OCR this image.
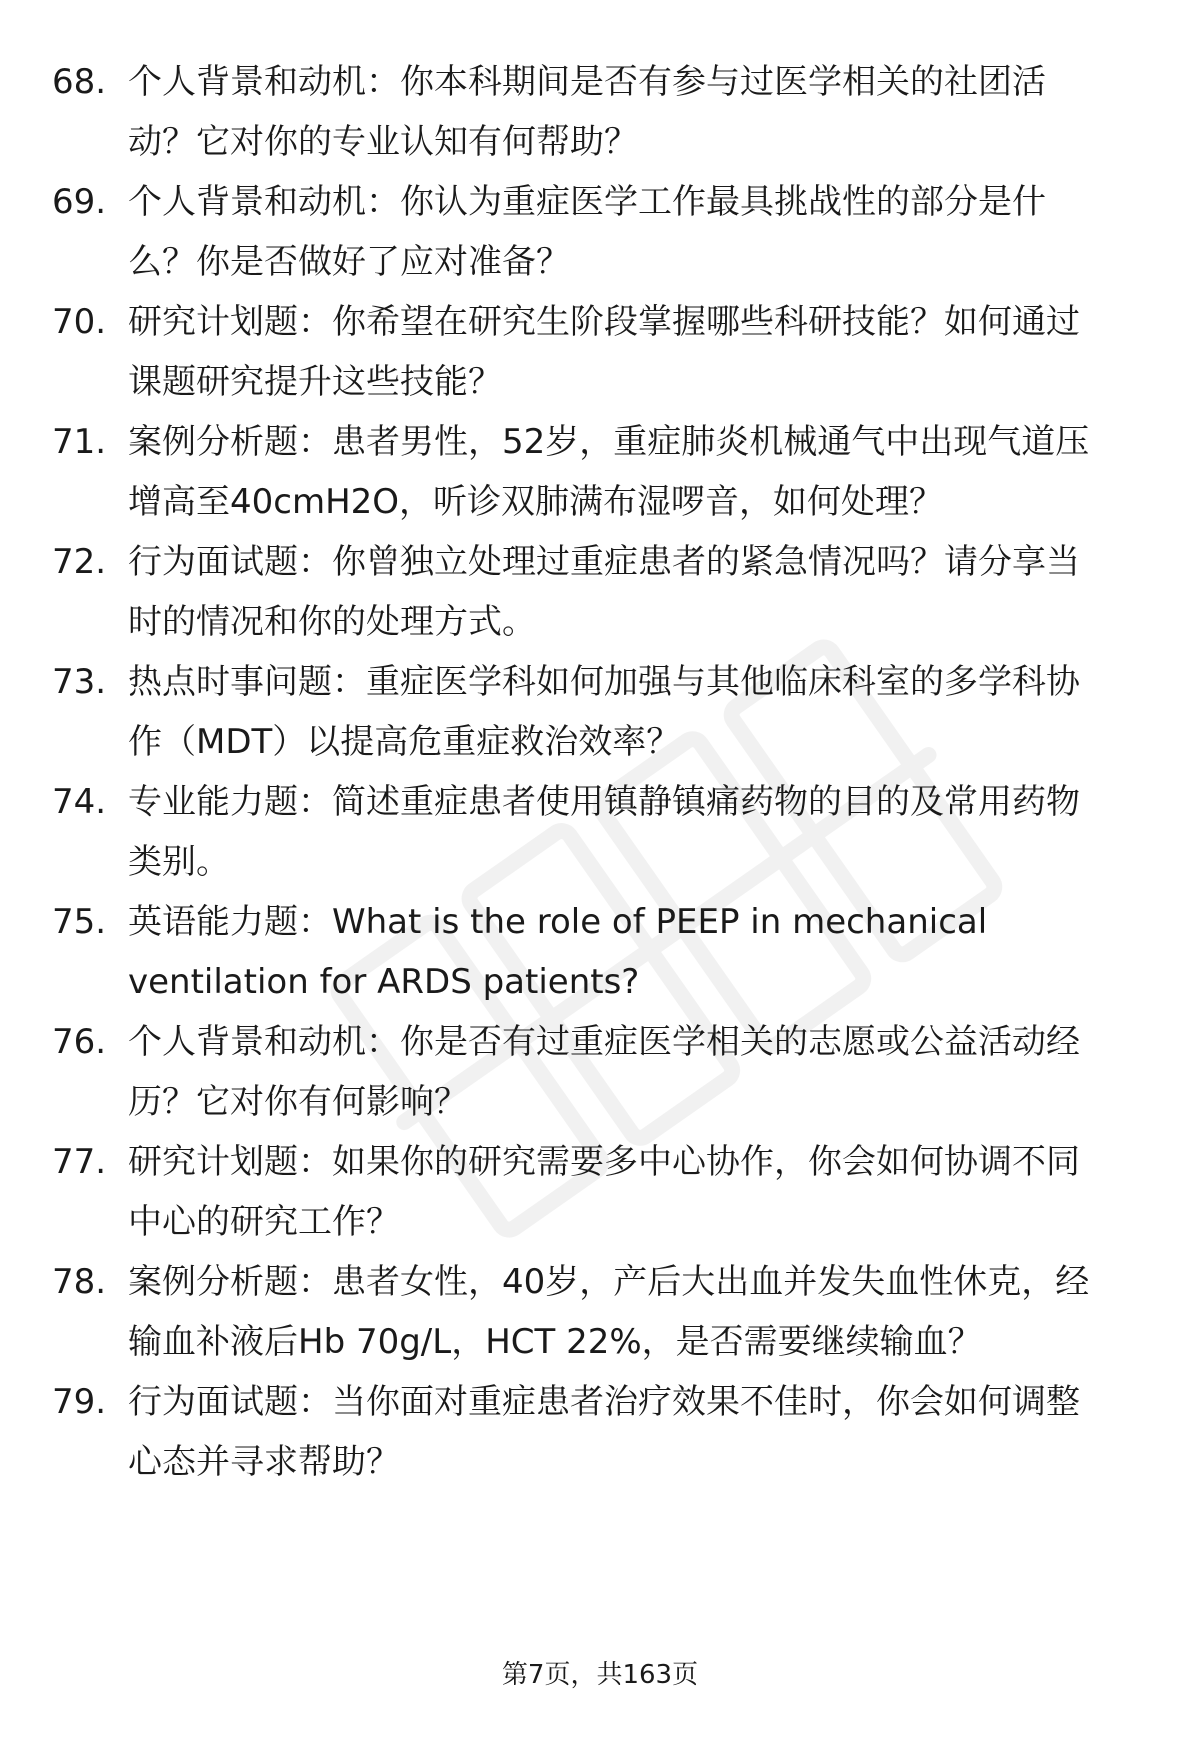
68. 个人背景和动机：你本科期间是否有参与过医学相关的社团活
动？它对你的专业认知有何帮助？
69. 个人背景和动机：你认为重症医学工作最具挑战性的部分是什
么？你是否做好了应对准备？
70. 研究计划题：你希望在研究生阶段掌握哪些科研技能？如何通过
课题研究提升这些技能？
71. 案例分析题：患者男性，52岁，重症肺炎机械通气中出现气道压
增高至40cmH2O，听诊双肺满布湿啰音，如何处理？
72. 行为面试题：你曾独立处理过重症患者的紧急情况吗？请分享当
时的情况和你的处理方式。
73. 热点时事问题：重症医学科如何加强与其他临床科室的多学科协
作（MDT）以提高危重症救治效率？
74. 专业能力题：简述重症患者使用镇静镇痛药物的目的及常用药物
类别。
75. 英语能力题：What is the role of PEEP in mechanical
ventilation for ARDS patients?
76. 个人背景和动机：你是否有过重症医学相关的志愿或公益活动经
历？它对你有何影响？
77. 研究计划题：如果你的研究需要多中心协作，你会如何协调不同
中心的研究工作？
78. 案例分析题：患者女性，40岁，产后大出血并发失血性休克，经
输血补液后Hb 70g/L，HCT 22%，是否需要继续输血？
79. 行为面试题：当你面对重症患者治疗效果不佳时，你会如何调整
心态并寻求帮助？
第7页，共163页
